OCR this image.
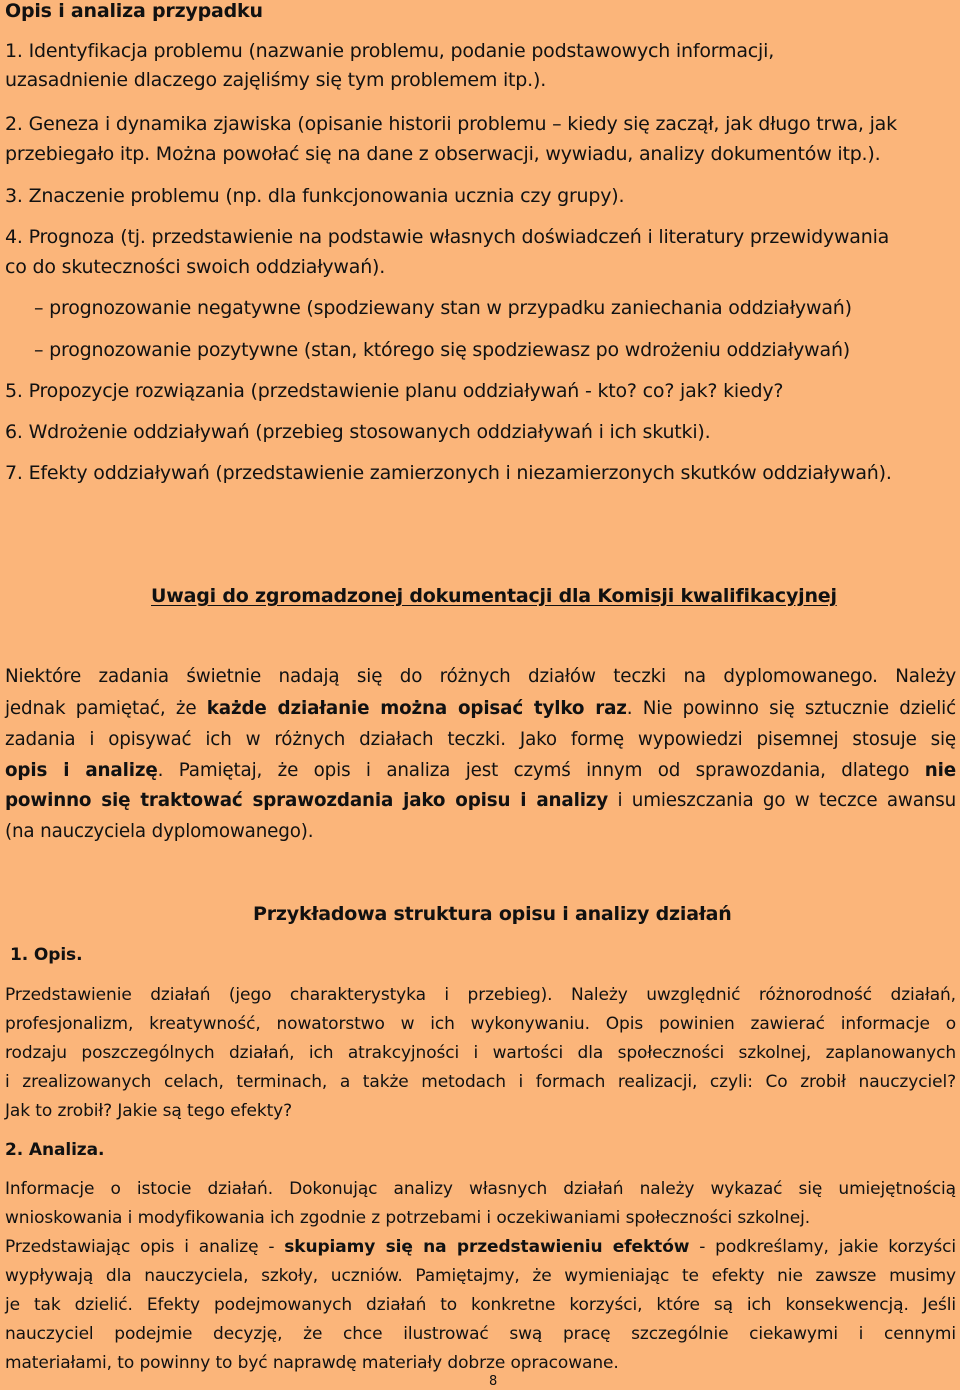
Opis i analiza przypadku
1. Identyfikacja problemu (nazwanie problemu, podanie podstawowych informacji,
uzasadnienie dlaczego zajęliśmy się tym problemem itp.).
2. Geneza i dynamika zjawiska (opisanie historii problemu – kiedy się zaczął, jak długo trwa, jak
przebiegało itp. Można powołać się na dane z obserwacji, wywiadu, analizy dokumentów itp.).
3. Znaczenie problemu (np. dla funkcjonowania ucznia czy grupy).
4. Prognoza (tj. przedstawienie na podstawie własnych doświadczeń i literatury przewidywania
co do skuteczności swoich oddziaływań).
– prognozowanie negatywne (spodziewany stan w przypadku zaniechania oddziaływań)
– prognozowanie pozytywne (stan, którego się spodziewasz po wdrożeniu oddziaływań)
5. Propozycje rozwiązania (przedstawienie planu oddziaływań - kto? co? jak? kiedy?
6. Wdrożenie oddziaływań (przebieg stosowanych oddziaływań i ich skutki).
7. Efekty oddziaływań (przedstawienie zamierzonych i niezamierzonych skutków oddziaływań).
Uwagi do zgromadzonej dokumentacji dla Komisji kwalifikacyjnej
Niektóre zadania świetnie nadają się do różnych działów teczki na dyplomowanego. Należy
jednak pamiętać, że każde działanie można opisać tylko raz. Nie powinno się sztucznie dzielić
zadania i opisywać ich w różnych działach teczki. Jako formę wypowiedzi pisemnej stosuje się
opis i analizę. Pamiętaj, że opis i analiza jest czymś innym od sprawozdania, dlatego nie
powinno się traktować sprawozdania jako opisu i analizy i umieszczania go w teczce awansu
(na nauczyciela dyplomowanego).
Przykładowa struktura opisu i analizy działań
1. Opis.
Przedstawienie działań (jego charakterystyka i przebieg). Należy uwzględnić różnorodność działań,
profesjonalizm, kreatywność, nowatorstwo w ich wykonywaniu. Opis powinien zawierać informacje o
rodzaju poszczególnych działań, ich atrakcyjności i wartości dla społeczności szkolnej, zaplanowanych
i zrealizowanych celach, terminach, a także metodach i formach realizacji, czyli: Co zrobił nauczyciel?
Jak to zrobił? Jakie są tego efekty?
2. Analiza.
Informacje o istocie działań. Dokonując analizy własnych działań należy wykazać się umiejętnością
wnioskowania i modyfikowania ich zgodnie z potrzebami i oczekiwaniami społeczności szkolnej.
Przedstawiając opis i analizę - skupiamy się na przedstawieniu efektów - podkreślamy, jakie korzyści
wypływają dla nauczyciela, szkoły, uczniów. Pamiętajmy, że wymieniając te efekty nie zawsze musimy
je tak dzielić. Efekty podejmowanych działań to konkretne korzyści, które są ich konsekwencją. Jeśli
nauczyciel podejmie decyzję, że chce ilustrować swą pracę szczególnie ciekawymi i cennymi
materiałami, to powinny to być naprawdę materiały dobrze opracowane.
8
